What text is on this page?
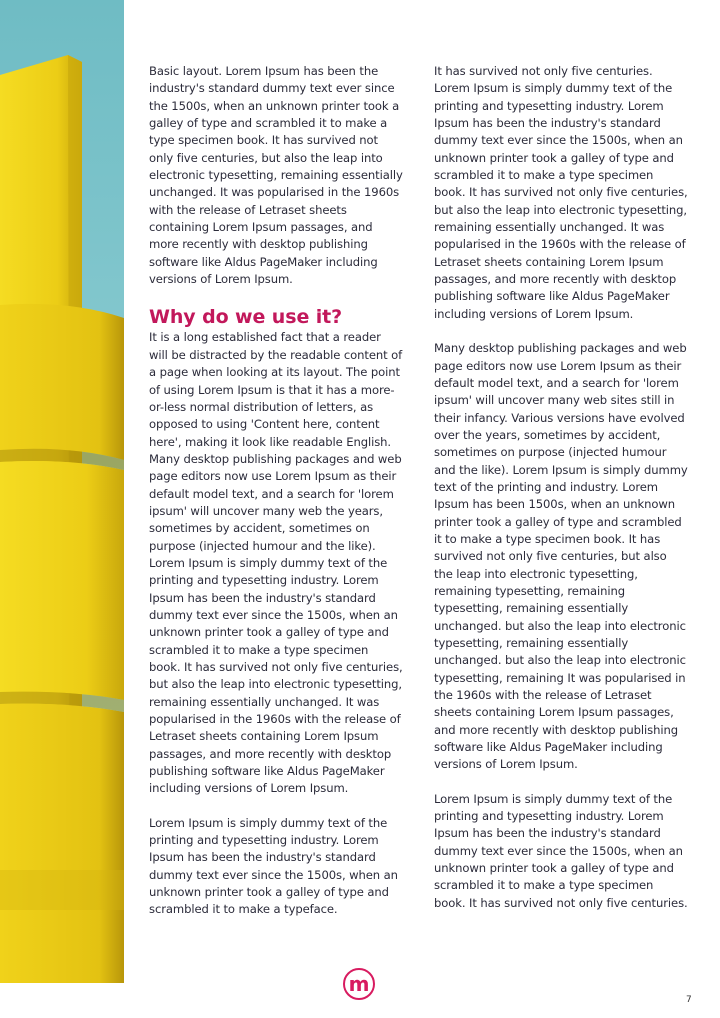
Basic layout. Lorem Ipsum has been the industry's standard dummy text ever since the 1500s, when an unknown printer took a galley of type and scrambled it to make a type specimen book. It has survived not only five centuries, but also the leap into electronic typesetting, remaining essentially unchanged. It was popularised in the 1960s with the release of Letraset sheets containing Lorem Ipsum passages, and more recently with desktop publishing software like Aldus PageMaker including versions of Lorem Ipsum.

Why do we use it?

It is a long established fact that a reader will be distracted by the readable content of a page when looking at its layout. The point of using Lorem Ipsum is that it has a more-or-less normal distribution of letters, as opposed to using 'Content here, content here', making it look like readable English. Many desktop publishing packages and web page editors now use Lorem Ipsum as their default model text, and a search for 'lorem ipsum' will uncover many web the years, sometimes by accident, sometimes on purpose (injected humour and the like). Lorem Ipsum is simply dummy text of the printing and typesetting industry. Lorem Ipsum has been the industry's standard dummy text ever since the 1500s, when an unknown printer took a galley of type and scrambled it to make a type specimen book. It has survived not only five centuries, but also the leap into electronic typesetting, remaining essentially unchanged. It was popularised in the 1960s with the release of Letraset sheets containing Lorem Ipsum passages, and more recently with desktop publishing software like Aldus PageMaker including versions of Lorem Ipsum.

Lorem Ipsum is simply dummy text of the printing and typesetting industry. Lorem Ipsum has been the industry's standard dummy text ever since the 1500s, when an unknown printer took a galley of type and scrambled it to make a typeface.

It has survived not only five centuries. Lorem Ipsum is simply dummy text of the printing and typesetting industry. Lorem Ipsum has been the industry's standard dummy text ever since the 1500s, when an unknown printer took a galley of type and scrambled it to make a type specimen book. It has survived not only five centuries, but also the leap into electronic typesetting, remaining essentially unchanged. It was popularised in the 1960s with the release of Letraset sheets containing Lorem Ipsum passages, and more recently with desktop publishing software like Aldus PageMaker including versions of Lorem Ipsum.

Many desktop publishing packages and web page editors now use Lorem Ipsum as their default model text, and a search for 'lorem ipsum' will uncover many web sites still in their infancy. Various versions have evolved over the years, sometimes by accident, sometimes on purpose (injected humour and the like). Lorem Ipsum is simply dummy text of the printing and industry. Lorem Ipsum has been 1500s, when an unknown printer took a galley of type and scrambled it to make a type specimen book. It has survived not only five centuries, but also the leap into electronic typesetting, remaining typesetting, remaining typesetting, remaining essentially unchanged. but also the leap into electronic typesetting, remaining essentially unchanged. but also the leap into electronic typesetting, remaining It was popularised in the 1960s with the release of Letraset sheets containing Lorem Ipsum passages, and more recently with desktop publishing software like Aldus PageMaker including versions of Lorem Ipsum.

Lorem Ipsum is simply dummy text of the printing and typesetting industry. Lorem Ipsum has been the industry's standard dummy text ever since the 1500s, when an unknown printer took a galley of type and scrambled it to make a type specimen book. It has survived not only five centuries.

m
7
